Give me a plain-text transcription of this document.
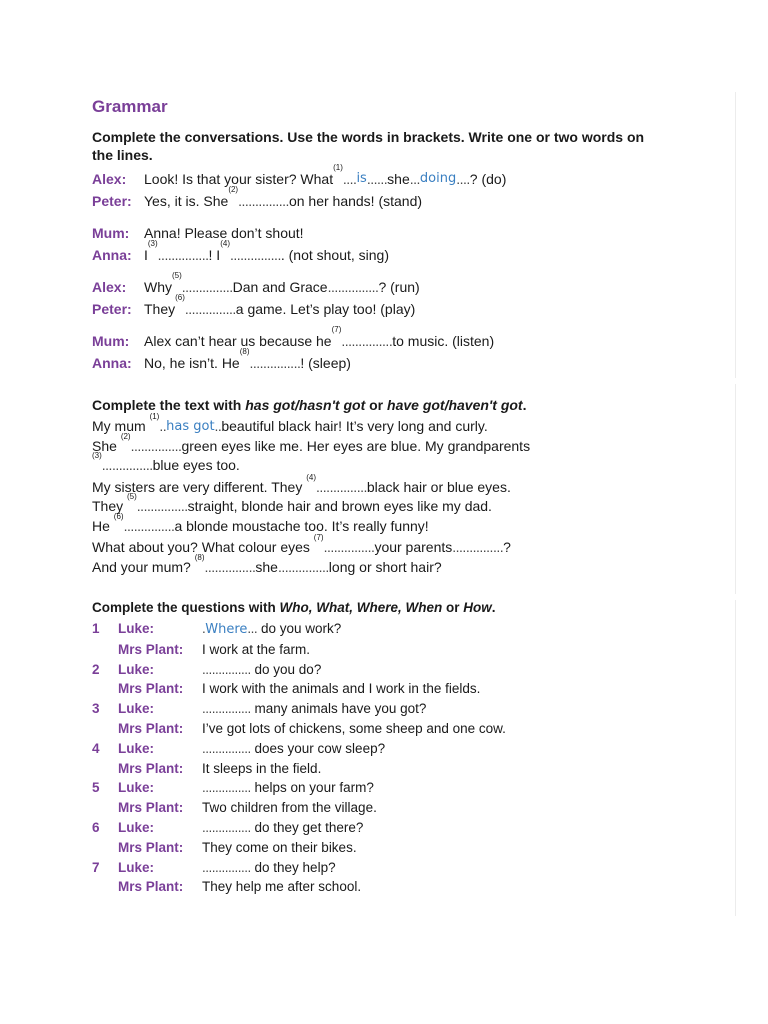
Grammar

Complete the conversations. Use the words in brackets. Write one or two words on
the lines.

Alex:	Look! Is that your sister? What
(1)
.... is ...... she ... doing .... ? (do)
Peter: Yes, it is. She
(2)
............... on her hands! (stand)
Mum:	Anna! Please don’t shout!
Anna: I
(3)
............... ! I
(4)
............... . (not shout, sing)
Alex:	Why
(5)
............... Dan and Grace ............... ? (run)
Peter: They
(6)
............... a game. Let’s play too! (play)
Mum:	Alex can’t hear us because he
(7)
............... to music. (listen)
Anna: No, he isn’t. He
(8)
............... ! (sleep)

Complete the text with has got/hasn't got or have got/haven't got.

My mum

(1)
.. has got .. beautiful black hair! It’s very long and curly.
She

(2)
............... green eyes like me. Her eyes are blue. My grandparents
(3)
............... blue eyes too.
My sisters are very different. They

(4)
............... black hair or blue eyes.
They

(5)
............... straight, blonde hair and brown eyes like my dad.
He

(6)
............... a blonde moustache too. It’s really funny!
What about you? What colour eyes

(7)
............... your parents ............... ?
And your mum?

(8)
............... she ............... long or short hair?

Complete the questions with Who, What, Where, When or How.

1	Luke:	.Where... do you work?
Mrs Plant:	I work at the farm.
2	Luke:	............... do you do?
Mrs Plant:	I work with the animals and I work in the fields.
3	Luke:	............... many animals have you got?
Mrs Plant:	I’ve got lots of chickens, some sheep and one cow.
4	Luke:	............... does your cow sleep?
Mrs Plant:	It sleeps in the field.
5	Luke:	............... helps on your farm?
Mrs Plant:	Two children from the village.
6	Luke:	............... do they get there?
Mrs Plant:	They come on their bikes.
7	Luke:	............... do they help?
Mrs Plant:	They help me after school.
